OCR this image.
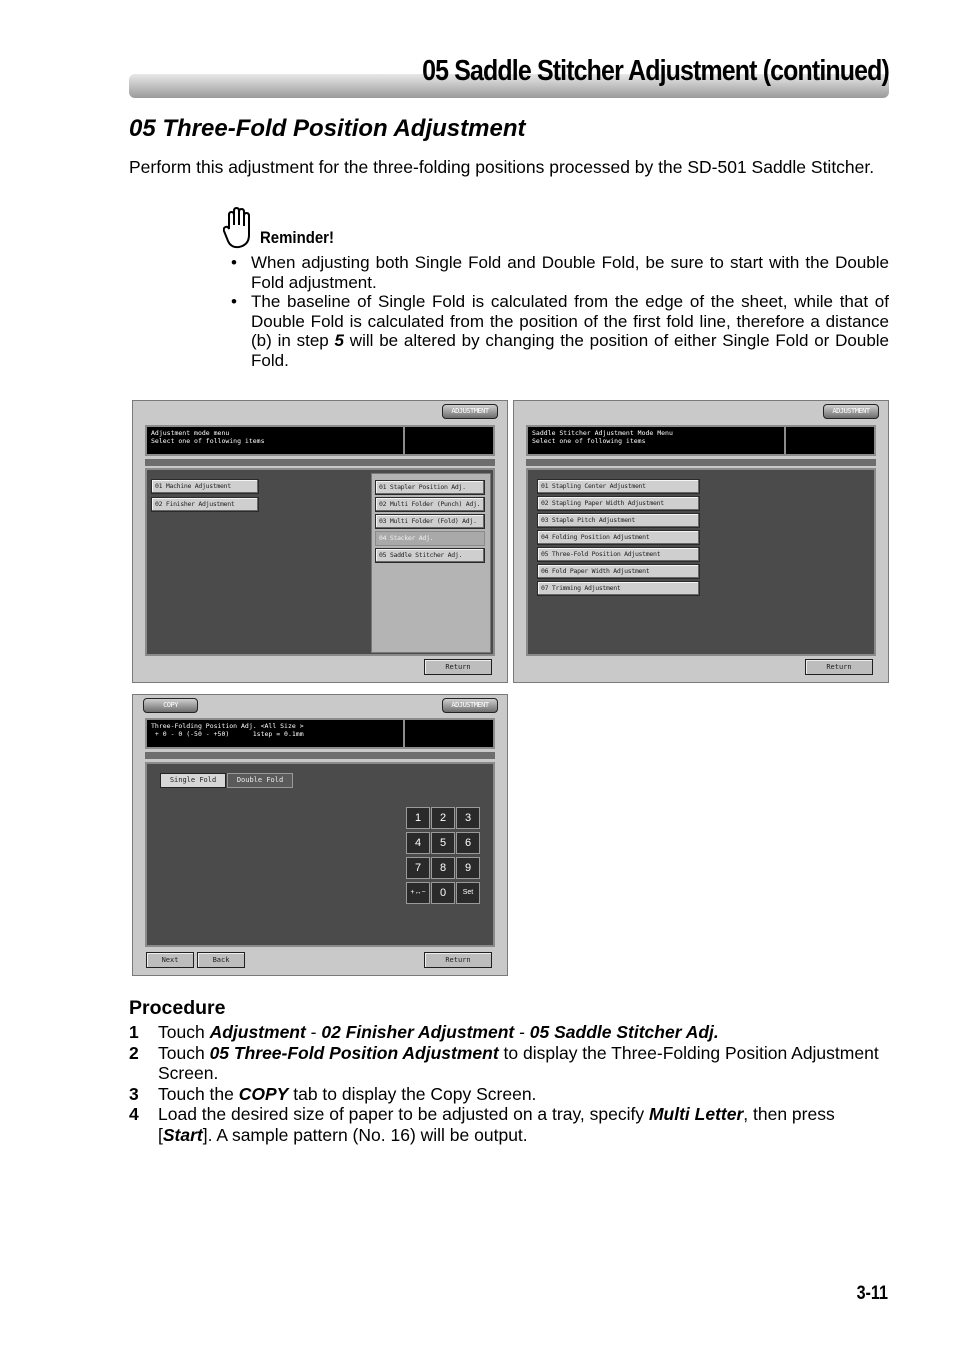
05 Saddle Stitcher Adjustment (continued)
05 Three-Fold Position Adjustment
Perform this adjustment for the three-folding positions processed by the SD-501 Saddle Stitcher.
Reminder!
• When adjusting both Single Fold and Double Fold, be sure to start with the Double Fold adjustment.
• The baseline of Single Fold is calculated from the edge of the sheet, while that of Double Fold is calculated from the position of the first fold line, therefore a distance (b) in step 5 will be altered by changing the position of either Single Fold or Double Fold.
ADJUSTMENT
Adjustment mode menu
Select one of following items
01 Machine Adjustment
02 Finisher Adjustment
01 Stapler Position Adj.
02 Multi Folder (Punch) Adj.
03 Multi Folder (Fold) Adj.
04 Stacker Adj.
05 Saddle Stitcher Adj.
Return
ADJUSTMENT
Saddle Stitcher Adjustment Mode Menu
Select one of following items
01 Stapling Center Adjustment
02 Stapling Paper Width Adjustment
03 Staple Pitch Adjustment
04 Folding Position Adjustment
05 Three-Fold Position Adjustment
06 Fold Paper Width Adjustment
07 Trimming Adjustment
Return
COPY	ADJUSTMENT
Three-Folding Position Adj. <All Size >
+ 0 - 0 (-50 - +50)      1step = 0.1mm
Single Fold	Double Fold
1	2	3
4	5	6
7	8	9
+↔−	0	Set
Next	Back	Return
Procedure
1 Touch Adjustment - 02 Finisher Adjustment - 05 Saddle Stitcher Adj.
2 Touch 05 Three-Fold Position Adjustment to display the Three-Folding Position Adjustment Screen.
3 Touch the COPY tab to display the Copy Screen.
4 Load the desired size of paper to be adjusted on a tray, specify Multi Letter, then press [Start]. A sample pattern (No. 16) will be output.
3-11
